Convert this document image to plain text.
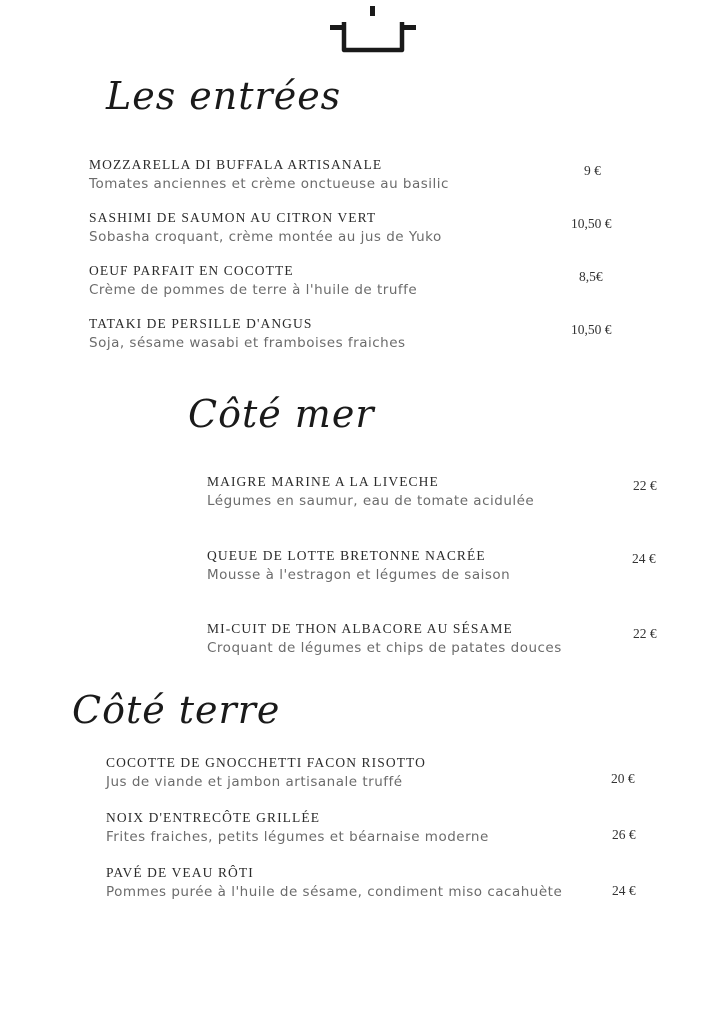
Les entrées
MOZZARELLA DI BUFFALA ARTISANALE
Tomates anciennes et crème onctueuse au basilic
9 €
SASHIMI DE SAUMON AU CITRON VERT
Sobasha croquant, crème montée au jus de Yuko
10,50 €
OEUF PARFAIT EN COCOTTE
Crème de pommes de terre à l'huile de truffe
8,5€
TATAKI DE PERSILLE D'ANGUS
Soja, sésame wasabi et framboises fraiches
10,50 €
Côté mer
MAIGRE MARINE A LA LIVECHE
Légumes en saumur, eau de tomate acidulée
22 €
QUEUE DE LOTTE BRETONNE NACRÉE
Mousse à l'estragon et légumes de saison
24 €
MI-CUIT DE THON ALBACORE AU SÉSAME
Croquant de légumes et chips de patates douces
22 €
Côté terre
COCOTTE DE GNOCCHETTI FACON RISOTTO
Jus de viande et jambon artisanale truffé	20 €
NOIX D'ENTRECÔTE GRILLÉE
Frites fraiches, petits légumes et béarnaise moderne	26 €
PAVÉ DE VEAU RÔTI
Pommes purée à l'huile de sésame, condiment miso cacahuète	24 €
